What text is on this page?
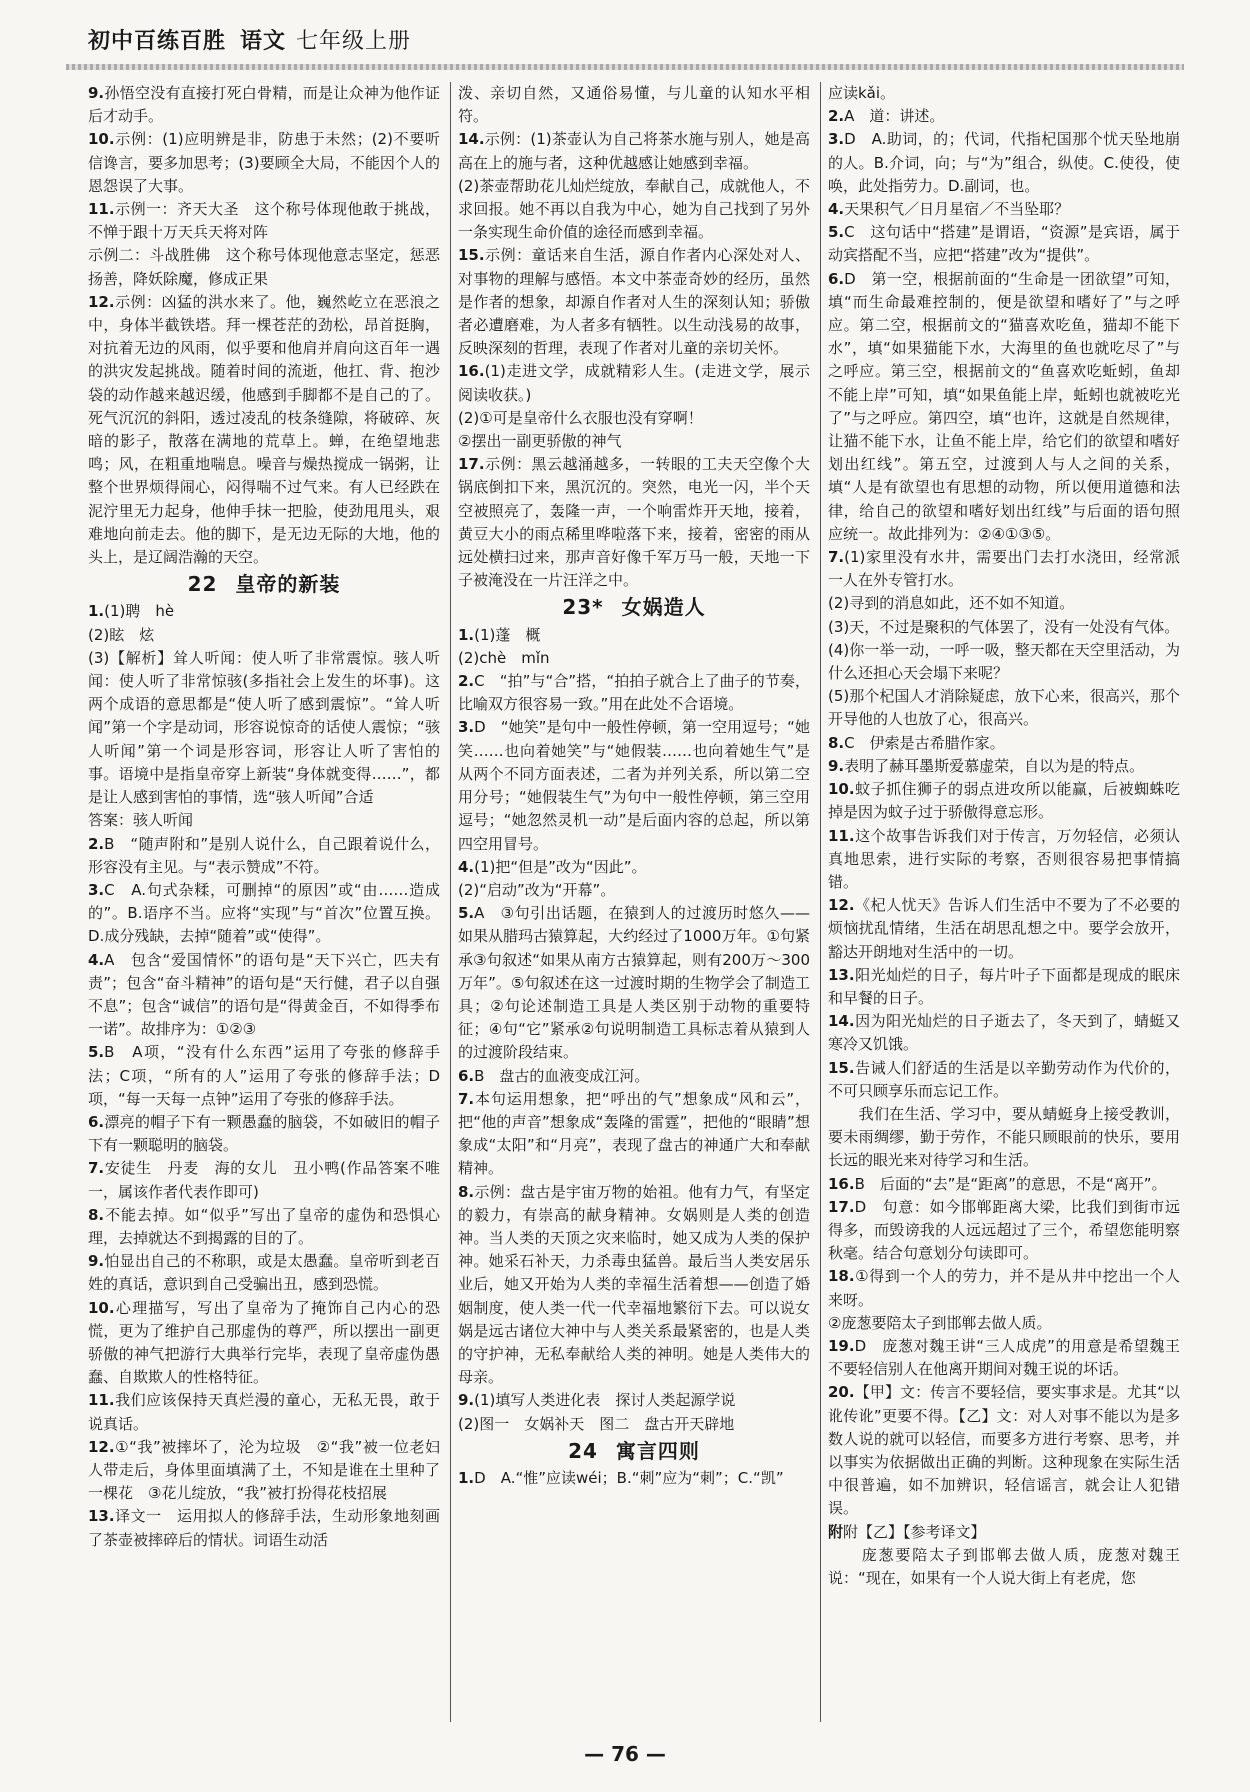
初中百练百胜 语文 七年级上册

9.孙悟空没有直接打死白骨精，而是让众神为他作证后才动手。

10.示例：(1)应明辨是非，防患于未然；(2)不要听信谗言，要多加思考；(3)要顾全大局，不能因个人的恩怨误了大事。

11.示例一：齐天大圣　这个称号体现他敢于挑战，不惮于跟十万天兵天将对阵

示例二：斗战胜佛　这个称号体现他意志坚定，惩恶扬善，降妖除魔，修成正果

12.示例：凶猛的洪水来了。他，巍然屹立在恶浪之中，身体半截铁塔。拜一棵苍茫的劲松，昂首挺胸，对抗着无边的风雨，似乎要和他肩并肩向这百年一遇的洪灾发起挑战。随着时间的流逝，他扛、背、抱沙袋的动作越来越迟缓，他感到手脚都不是自己的了。死气沉沉的斜阳，透过凌乱的枝条缝隙，将破碎、灰暗的影子，散落在满地的荒草上。蝉，在绝望地悲鸣；风，在粗重地喘息。噪音与燥热搅成一锅粥，让整个世界烦得闹心，闷得喘不过气来。有人已经跌在泥泞里无力起身，他伸手抹一把脸，使劲甩甩头，艰难地向前走去。他的脚下，是无边无际的大地，他的头上，是辽阔浩瀚的天空。

22 皇帝的新装

1.(1)聘　hè

(2)眩　炫

(3)【解析】耸人听闻：使人听了非常震惊。骇人听闻：使人听了非常惊骇(多指社会上发生的坏事)。这两个成语的意思都是“使人听了感到震惊”。“耸人听闻”第一个字是动词，形容说惊奇的话使人震惊；“骇人听闻”第一个词是形容词，形容让人听了害怕的事。语境中是指皇帝穿上新装“身体就变得……”，都是让人感到害怕的事情，选“骇人听闻”合适

答案：骇人听闻

2.B　“随声附和”是别人说什么，自己跟着说什么，形容没有主见。与“表示赞成”不符。

3.C　A.句式杂糅，可删掉“的原因”或“由……造成的”。B.语序不当。应将“实现”与“首次”位置互换。D.成分残缺，去掉“随着”或“使得”。

4.A　包含“爱国情怀”的语句是“天下兴亡，匹夫有责”；包含“奋斗精神”的语句是“天行健，君子以自强不息”；包含“诚信”的语句是“得黄金百，不如得季布一诺”。故排序为：①②③

5.B　A项，“没有什么东西”运用了夸张的修辞手法；C项，“所有的人”运用了夸张的修辞手法；D项，“每一天每一点钟”运用了夸张的修辞手法。

6.漂亮的帽子下有一颗愚蠢的脑袋，不如破旧的帽子下有一颗聪明的脑袋。

7.安徒生　丹麦　海的女儿　丑小鸭(作品答案不唯一，属该作者代表作即可)

8.不能去掉。如“似乎”写出了皇帝的虚伪和恐惧心理，去掉就达不到揭露的目的了。

9.怕显出自己的不称职，或是太愚蠢。皇帝听到老百姓的真话，意识到自己受骗出丑，感到恐慌。

10.心理描写，写出了皇帝为了掩饰自己内心的恐慌，更为了维护自己那虚伪的尊严，所以摆出一副更骄傲的神气把游行大典举行完毕，表现了皇帝虚伪愚蠢、自欺欺人的性格特征。

11.我们应该保持天真烂漫的童心，无私无畏，敢于说真话。

12.①“我”被摔坏了，沦为垃圾　②“我”被一位老妇人带走后，身体里面填满了土，不知是谁在土里种了一棵花　③花儿绽放，“我”被打扮得花枝招展

13.译文一　运用拟人的修辞手法，生动形象地刻画了茶壶被摔碎后的情状。词语生动活

泼、亲切自然，又通俗易懂，与儿童的认知水平相符。

14.示例：(1)茶壶认为自己将茶水施与别人，她是高高在上的施与者，这种优越感让她感到幸福。

(2)茶壶帮助花儿灿烂绽放，奉献自己，成就他人，不求回报。她不再以自我为中心，她为自己找到了另外一条实现生命价值的途径而感到幸福。

15.示例：童话来自生活，源自作者内心深处对人、对事物的理解与感悟。本文中茶壶奇妙的经历，虽然是作者的想象，却源自作者对人生的深刻认知；骄傲者必遭磨难，为人者多有牺牲。以生动浅易的故事，反映深刻的哲理，表现了作者对儿童的亲切关怀。

16.(1)走进文学，成就精彩人生。(走进文学，展示阅读收获。)

(2)①可是皇帝什么衣服也没有穿啊！

②摆出一副更骄傲的神气

17.示例：黑云越涌越多，一转眼的工夫天空像个大锅底倒扣下来，黑沉沉的。突然，电光一闪，半个天空被照亮了，轰隆一声，一个响雷炸开天地，接着，黄豆大小的雨点稀里哗啦落下来，接着，密密的雨从远处横扫过来，那声音好像千军万马一般，天地一下子被淹没在一片汪洋之中。

23* 女娲造人

1.(1)蓬　概

(2)chè　mǐn

2.C　“拍”与“合”搭，“拍拍子就合上了曲子的节奏，比喻双方很容易一致。”用在此处不合语境。

3.D　“她笑”是句中一般性停顿，第一空用逗号；“她笑……也向着她笑”与“她假装……也向着她生气”是从两个不同方面表述，二者为并列关系，所以第二空用分号；“她假装生气”为句中一般性停顿，第三空用逗号；“她忽然灵机一动”是后面内容的总起，所以第四空用冒号。

4.(1)把“但是”改为“因此”。

(2)“启动”改为“开幕”。

5.A　③句引出话题，在猿到人的过渡历时悠久——如果从腊玛古猿算起，大约经过了1000万年。①句紧承③句叙述“如果从南方古猿算起，则有200万～300万年”。⑤句叙述在这一过渡时期的生物学会了制造工具；②句论述制造工具是人类区别于动物的重要特征；④句“它”紧承②句说明制造工具标志着从猿到人的过渡阶段结束。

6.B　盘古的血液变成江河。

7.本句运用想象，把“呼出的气”想象成“风和云”，把“他的声音”想象成“轰隆的雷霆”，把他的“眼睛”想象成“太阳”和“月亮”，表现了盘古的神通广大和奉献精神。

8.示例：盘古是宇宙万物的始祖。他有力气，有坚定的毅力，有崇高的献身精神。女娲则是人类的创造神。当人类的天顶之灾来临时，她又成为人类的保护神。她采石补天，力杀毒虫猛兽。最后当人类安居乐业后，她又开始为人类的幸福生活着想——创造了婚姻制度，使人类一代一代幸福地繁衍下去。可以说女娲是远古诸位大神中与人类关系最紧密的，也是人类的守护神，无私奉献给人类的神明。她是人类伟大的母亲。

9.(1)填写人类进化表　探讨人类起源学说

(2)图一　女娲补天　图二　盘古开天辟地

24 寓言四则

1.D　A.“惟”应读wéi；B.“刺”应为“刺”；C.“凯”

应读kǎi。

2.A　道：讲述。

3.D　A.助词，的；代词，代指杞国那个忧天坠地崩的人。B.介词，向；与“为”组合，纵使。C.使役，使唤，此处指劳力。D.副词，也。

4.天果积气／日月星宿／不当坠耶？

5.C　这句话中“搭建”是谓语，“资源”是宾语，属于动宾搭配不当，应把“搭建”改为“提供”。

6.D　第一空，根据前面的“生命是一团欲望”可知，填“而生命最难控制的，便是欲望和嗜好了”与之呼应。第二空，根据前文的“猫喜欢吃鱼，猫却不能下水”，填“如果猫能下水，大海里的鱼也就吃尽了”与之呼应。第三空，根据前文的“鱼喜欢吃蚯蚓，鱼却不能上岸”可知，填“如果鱼能上岸，蚯蚓也就被吃光了”与之呼应。第四空，填“也许，这就是自然规律，让猫不能下水，让鱼不能上岸，给它们的欲望和嗜好划出红线”。第五空，过渡到人与人之间的关系，填“人是有欲望也有思想的动物，所以便用道德和法律，给自己的欲望和嗜好划出红线”与后面的语句照应统一。故此排列为：②④①③⑤。

7.(1)家里没有水井，需要出门去打水浇田，经常派一人在外专管打水。

(2)寻到的消息如此，还不如不知道。

(3)天，不过是聚积的气体罢了，没有一处没有气体。

(4)你一举一动，一呼一吸，整天都在天空里活动，为什么还担心天会塌下来呢？

(5)那个杞国人才消除疑虑，放下心来，很高兴，那个开导他的人也放了心，很高兴。

8.C　伊索是古希腊作家。

9.表明了赫耳墨斯爱慕虚荣，自以为是的特点。

10.蚊子抓住狮子的弱点进攻所以能赢，后被蜘蛛吃掉是因为蚊子过于骄傲得意忘形。

11.这个故事告诉我们对于传言，万勿轻信，必须认真地思索，进行实际的考察，否则很容易把事情搞错。

12.《杞人忧天》告诉人们生活中不要为了不必要的烦恼扰乱情绪，生活在胡思乱想之中。要学会放开，豁达开朗地对生活中的一切。

13.阳光灿烂的日子，每片叶子下面都是现成的眠床和早餐的日子。

14.因为阳光灿烂的日子逝去了，冬天到了，蜻蜓又寒冷又饥饿。

15.告诫人们舒适的生活是以辛勤劳动作为代价的，不可只顾享乐而忘记工作。

　　我们在生活、学习中，要从蜻蜓身上接受教训，要未雨绸缪，勤于劳作，不能只顾眼前的快乐，要用长远的眼光来对待学习和生活。

16.B　后面的“去”是“距离”的意思，不是“离开”。

17.D　句意：如今邯郸距离大梁，比我们到街市远得多，而毁谤我的人远远超过了三个，希望您能明察秋毫。结合句意划分句读即可。

18.①得到一个人的劳力，并不是从井中挖出一个人来呀。

②庞葱要陪太子到邯郸去做人质。

19.D　庞葱对魏王讲“三人成虎”的用意是希望魏王不要轻信别人在他离开期间对魏王说的坏话。

20.【甲】文：传言不要轻信，要实事求是。尤其“以讹传讹”更要不得。【乙】文：对人对事不能以为是多数人说的就可以轻信，而要多方进行考察、思考，并以事实为依据做出正确的判断。这种现象在实际生活中很普遍，如不加辨识，轻信谣言，就会让人犯错误。

附附【乙】【参考译文】

　　庞葱要陪太子到邯郸去做人质，庞葱对魏王说：“现在，如果有一个人说大街上有老虎，您

— 76 —
